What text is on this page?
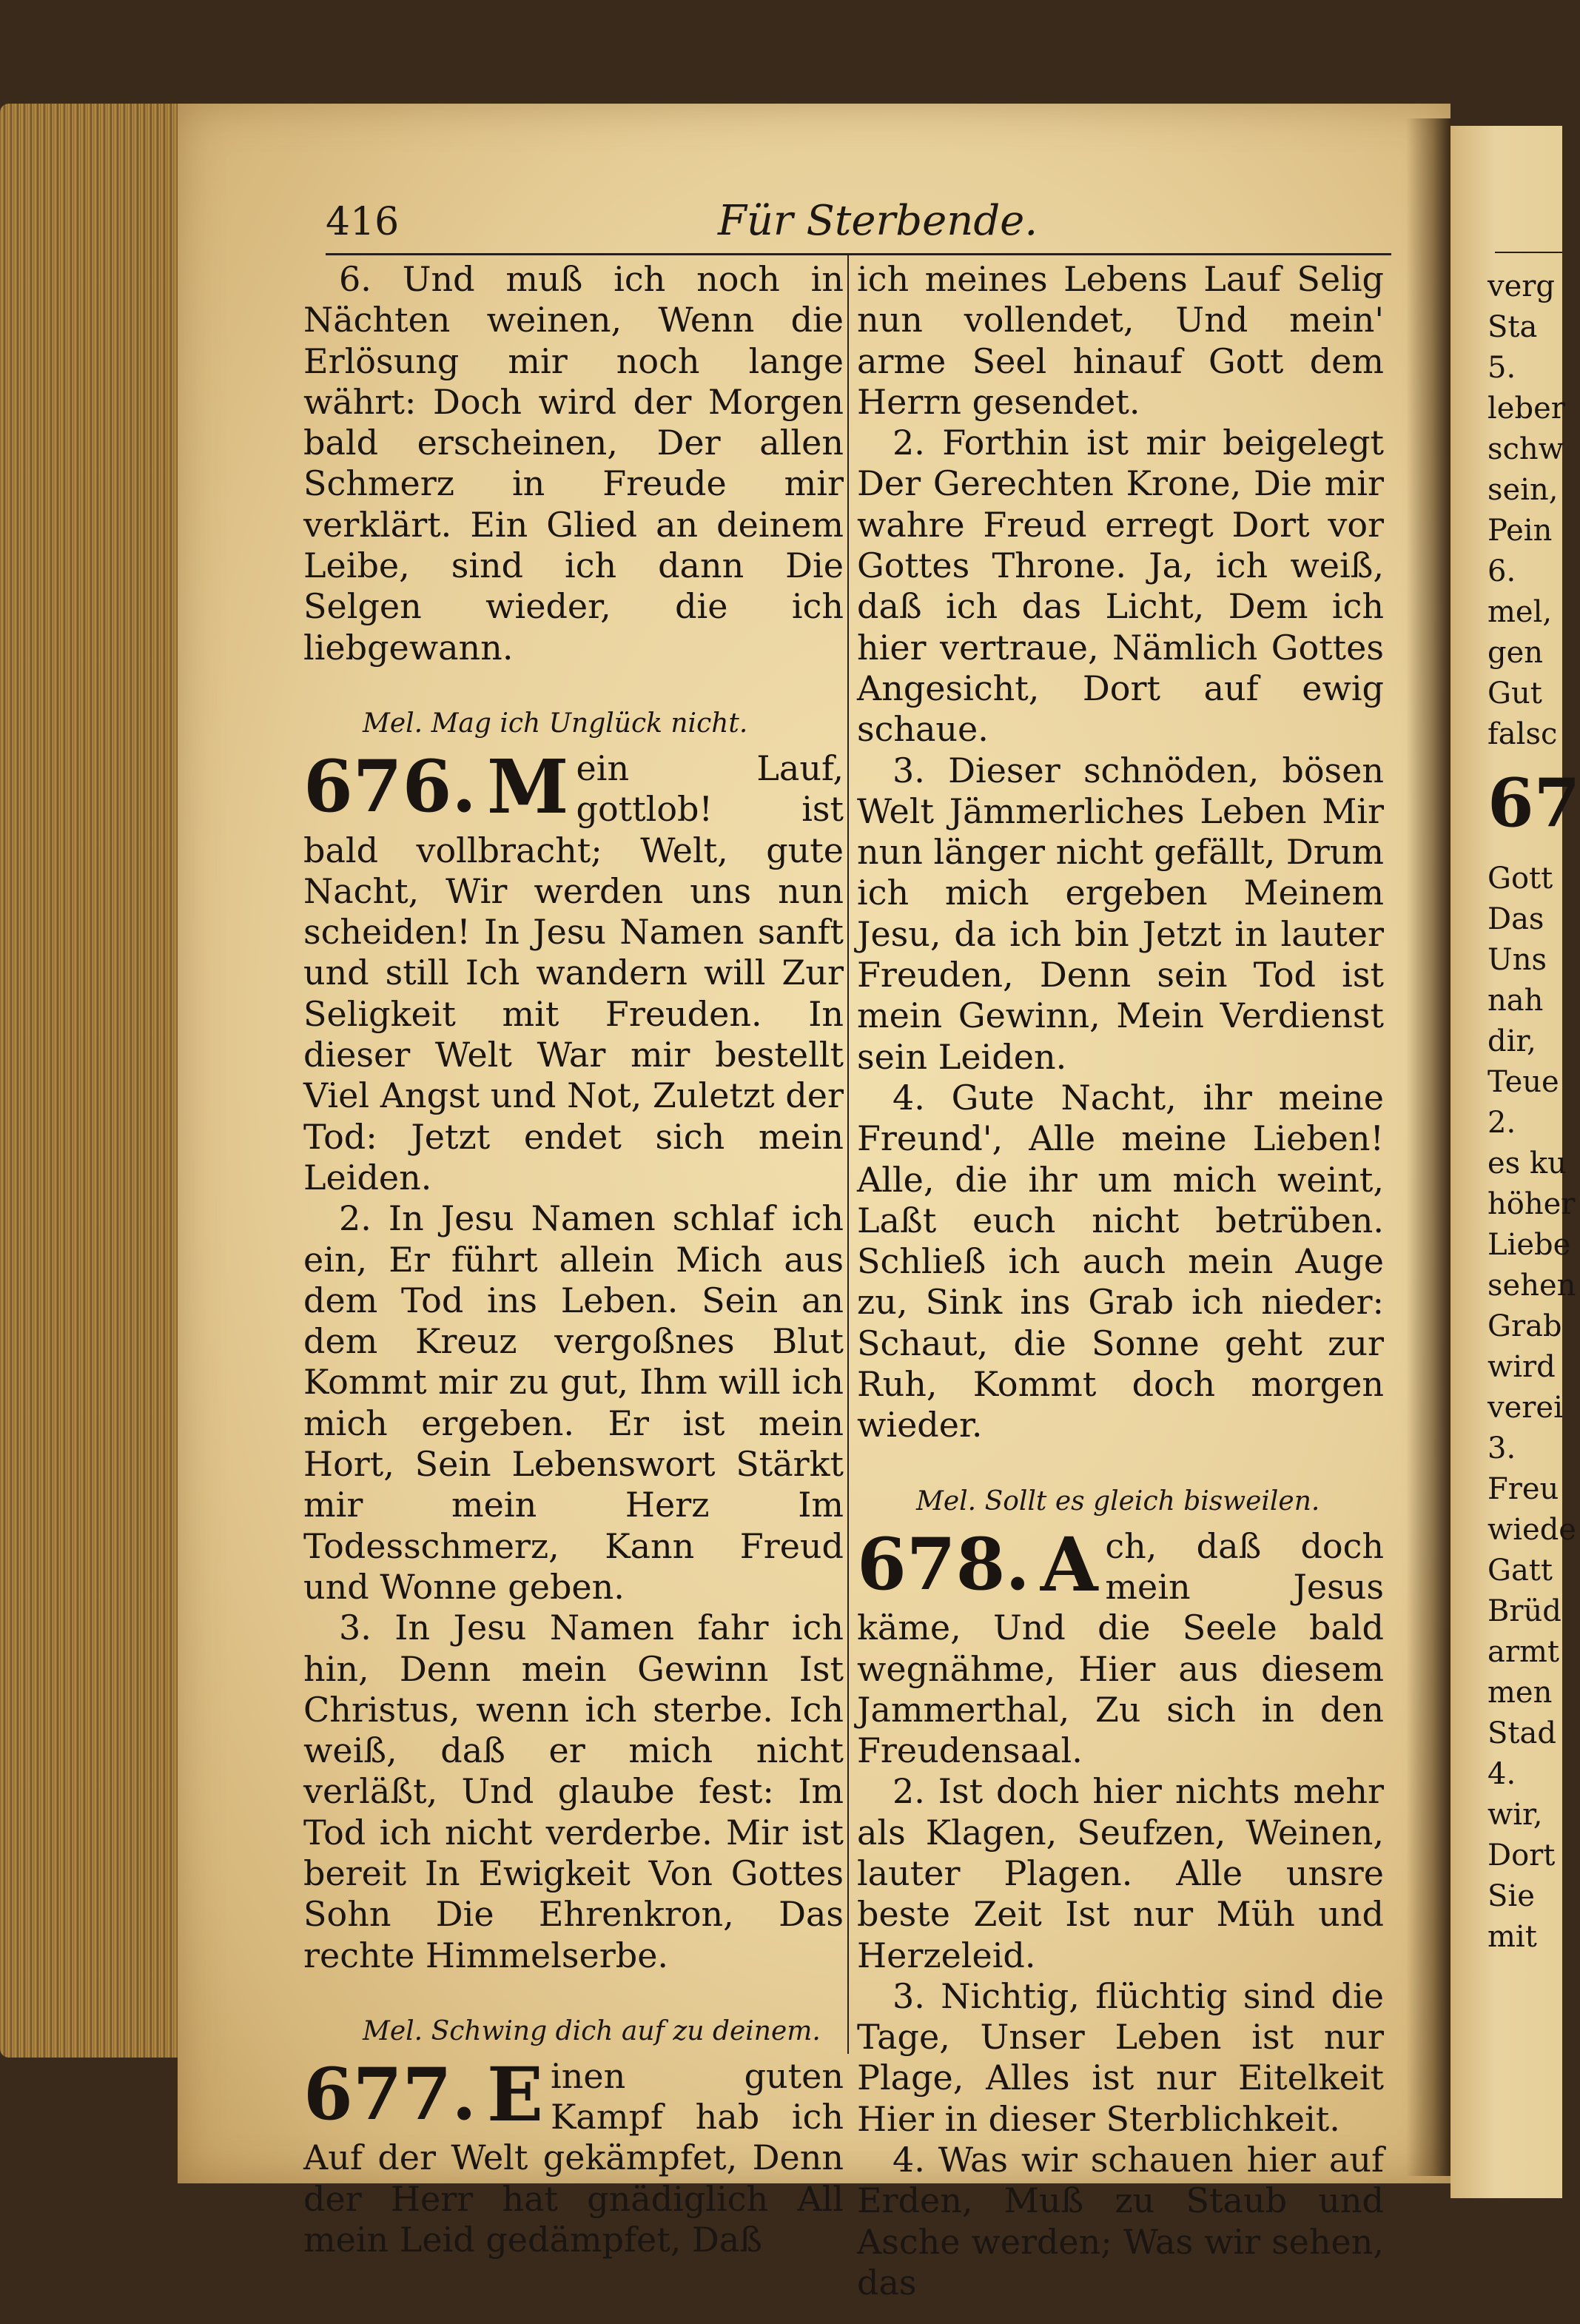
416	Für Sterbende.

6. Und muß ich noch in Nächten weinen, Wenn die Erlösung mir noch lange währt: Doch wird der Morgen bald erscheinen, Der allen Schmerz in Freude mir verklärt. Ein Glied an deinem Leibe, sind ich dann Die Selgen wieder, die ich liebgewann.

Mel. Mag ich Unglück nicht.

676. M ein Lauf, gottlob! ist bald vollbracht; Welt, gute Nacht, Wir werden uns nun scheiden! In Jesu Namen sanft und still Ich wandern will Zur Seligkeit mit Freuden. In dieser Welt War mir bestellt Viel Angst und Not, Zuletzt der Tod: Jetzt endet sich mein Leiden.

2. In Jesu Namen schlaf ich ein, Er führt allein Mich aus dem Tod ins Leben. Sein an dem Kreuz vergoßnes Blut Kommt mir zu gut, Ihm will ich mich ergeben. Er ist mein Hort, Sein Lebenswort Stärkt mir mein Herz Im Todesschmerz, Kann Freud und Wonne geben.

3. In Jesu Namen fahr ich hin, Denn mein Gewinn Ist Christus, wenn ich sterbe. Ich weiß, daß er mich nicht verläßt, Und glaube fest: Im Tod ich nicht verderbe. Mir ist bereit In Ewigkeit Von Gottes Sohn Die Ehrenkron, Das rechte Himmelserbe.

Mel. Schwing dich auf zu deinem.

677. E inen guten Kampf hab ich Auf der Welt gekämpfet, Denn der Herr hat gnädiglich All mein Leid gedämpfet, Daß

ich meines Lebens Lauf Selig nun vollendet, Und mein' arme Seel hinauf Gott dem Herrn gesendet.

2. Forthin ist mir beigelegt Der Gerechten Krone, Die mir wahre Freud erregt Dort vor Gottes Throne. Ja, ich weiß, daß ich das Licht, Dem ich hier vertraue, Nämlich Gottes Angesicht, Dort auf ewig schaue.

3. Dieser schnöden, bösen Welt Jämmerliches Leben Mir nun länger nicht gefällt, Drum ich mich ergeben Meinem Jesu, da ich bin Jetzt in lauter Freuden, Denn sein Tod ist mein Gewinn, Mein Verdienst sein Leiden.

4. Gute Nacht, ihr meine Freund', Alle meine Lieben! Alle, die ihr um mich weint, Laßt euch nicht betrüben. Schließ ich auch mein Auge zu, Sink ins Grab ich nieder: Schaut, die Sonne geht zur Ruh, Kommt doch morgen wieder.

Mel. Sollt es gleich bisweilen.

678. A ch, daß doch mein Jesus käme, Und die Seele bald wegnähme, Hier aus diesem Jammerthal, Zu sich in den Freudensaal.

2. Ist doch hier nichts mehr als Klagen, Seufzen, Weinen, lauter Plagen. Alle unsre beste Zeit Ist nur Müh und Herzeleid.

3. Nichtig, flüchtig sind die Tage, Unser Leben ist nur Plage, Alles ist nur Eitelkeit Hier in dieser Sterblichkeit.

4. Was wir schauen hier auf Erden, Muß zu Staub und Asche werden; Was wir sehen, das

verg
Sta
5.
leber
schw
sein,
Pein
6.
mel,
gen
Gut
falsc
67
Gott
Das
Uns
nah
dir,
Teue
2.
es ku
höher
Liebe
sehen
Grab
wird
verei
3.
Freu
wiede
Gatt
Brüd
armt
men
Stad
4.
wir,
Dort
Sie
mit
